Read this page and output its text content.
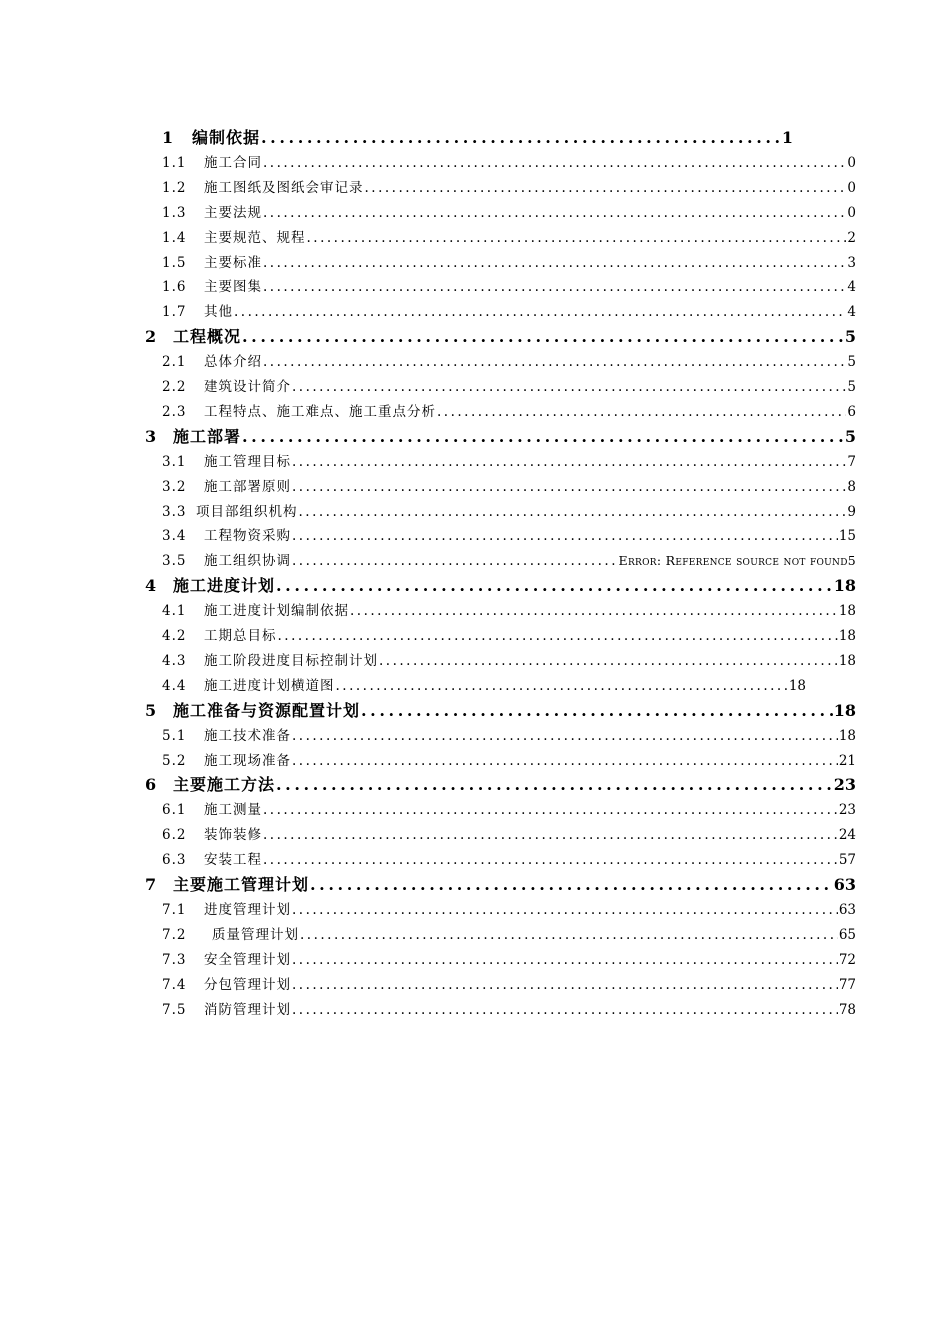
1	编制依据 .....	1
1.1	施工合同 .....	0
1.2	施工图纸及图纸会审记录 .....	0
1.3	主要法规 .....	0
1.4	主要规范、规程 .....	2
1.5	主要标准 .....	3
1.6	主要图集 .....	4
1.7	其他 .....	4
2	工程概况 .....	5
2.1	总体介绍 .....	5
2.2	建筑设计简介 .....	5
2.3	工程特点、施工难点、施工重点分析 .....	6
3	施工部署 .....	5
3.1	施工管理目标 .....	7
3.2	施工部署原则 .....	8
3.3 项目部组织机构 .....	9
3.4	工程物资采购 .....	15
3.5	施工组织协调 .....	Error: Reference source not found5
4	施工进度计划 .....	18
4.1	施工进度计划编制依据 .....	18
4.2	工期总目标 .....	18
4.3	施工阶段进度目标控制计划 .....	18
4.4	施工进度计划横道图 .....	18
5	施工准备与资源配置计划 .....	18
5.1	施工技术准备 .....	18
5.2	施工现场准备 .....	21
6	主要施工方法 .....	23
6.1	施工测量 .....	23
6.2	装饰装修 .....	24
6.3	安装工程 .....	57
7	主要施工管理计划 .....	63
7.1	进度管理计划 .....	63
7.2	质量管理计划 .....	65
7.3	安全管理计划 .....	72
7.4	分包管理计划 .....	77
7.5	消防管理计划 .....	78
